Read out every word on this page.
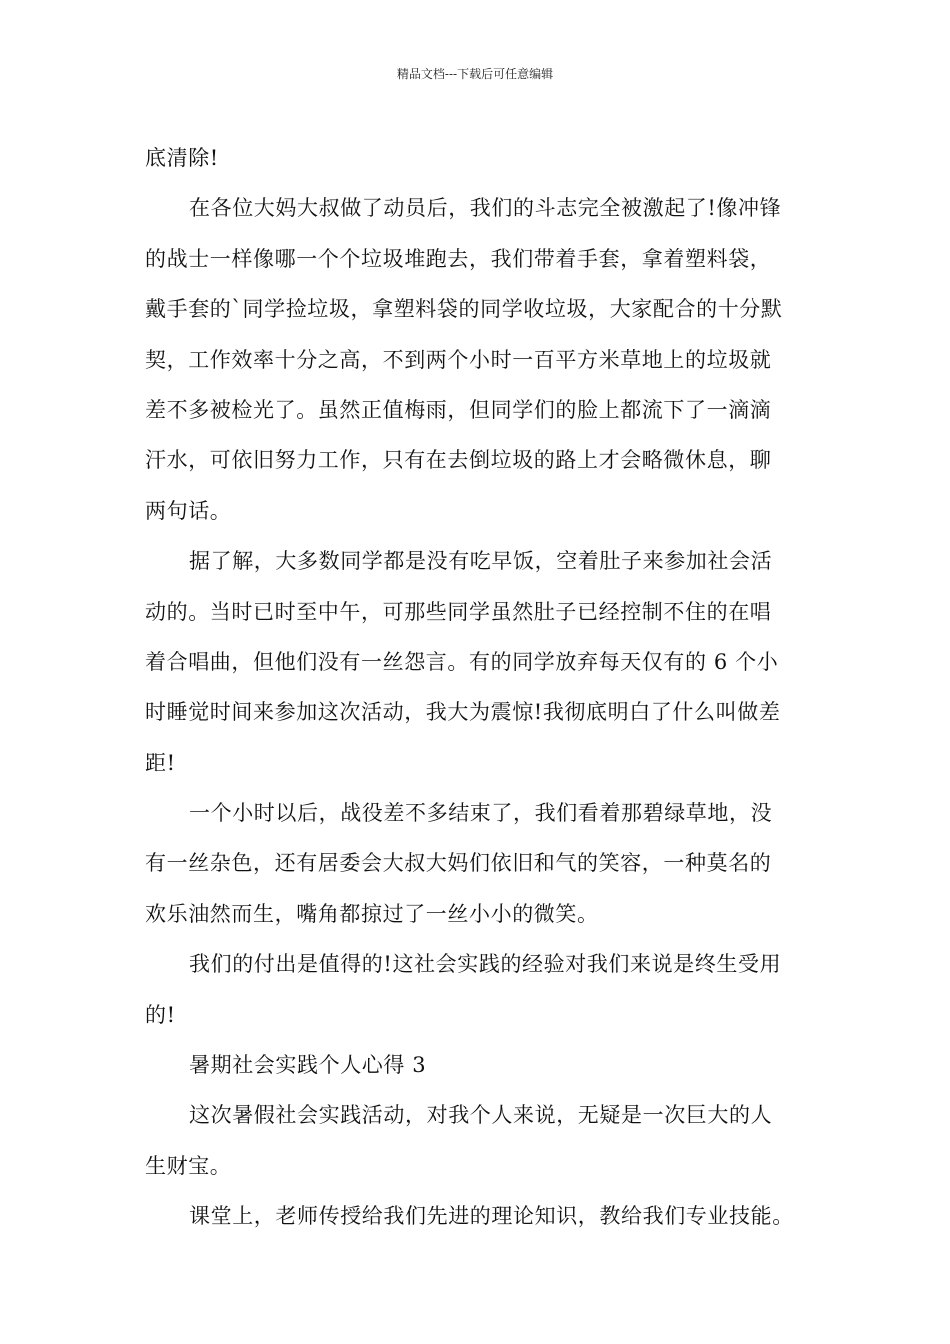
精品文档---下载后可任意编辑
底清除!
在各位大妈大叔做了动员后，我们的斗志完全被激起了!像冲锋
的战士一样像哪一个个垃圾堆跑去，我们带着手套，拿着塑料袋，
戴手套的`同学捡垃圾，拿塑料袋的同学收垃圾，大家配合的十分默
契，工作效率十分之高，不到两个小时一百平方米草地上的垃圾就
差不多被检光了。虽然正值梅雨，但同学们的脸上都流下了一滴滴
汗水，可依旧努力工作，只有在去倒垃圾的路上才会略微休息，聊
两句话。
据了解，大多数同学都是没有吃早饭，空着肚子来参加社会活
动的。当时已时至中午，可那些同学虽然肚子已经控制不住的在唱
着合唱曲，但他们没有一丝怨言。有的同学放弃每天仅有的 6 个小
时睡觉时间来参加这次活动，我大为震惊!我彻底明白了什么叫做差
距!
一个小时以后，战役差不多结束了，我们看着那碧绿草地，没
有一丝杂色，还有居委会大叔大妈们依旧和气的笑容，一种莫名的
欢乐油然而生，嘴角都掠过了一丝小小的微笑。
我们的付出是值得的!这社会实践的经验对我们来说是终生受用
的!
暑期社会实践个人心得 3
这次暑假社会实践活动，对我个人来说，无疑是一次巨大的人
生财宝。
课堂上，老师传授给我们先进的理论知识，教给我们专业技能。
